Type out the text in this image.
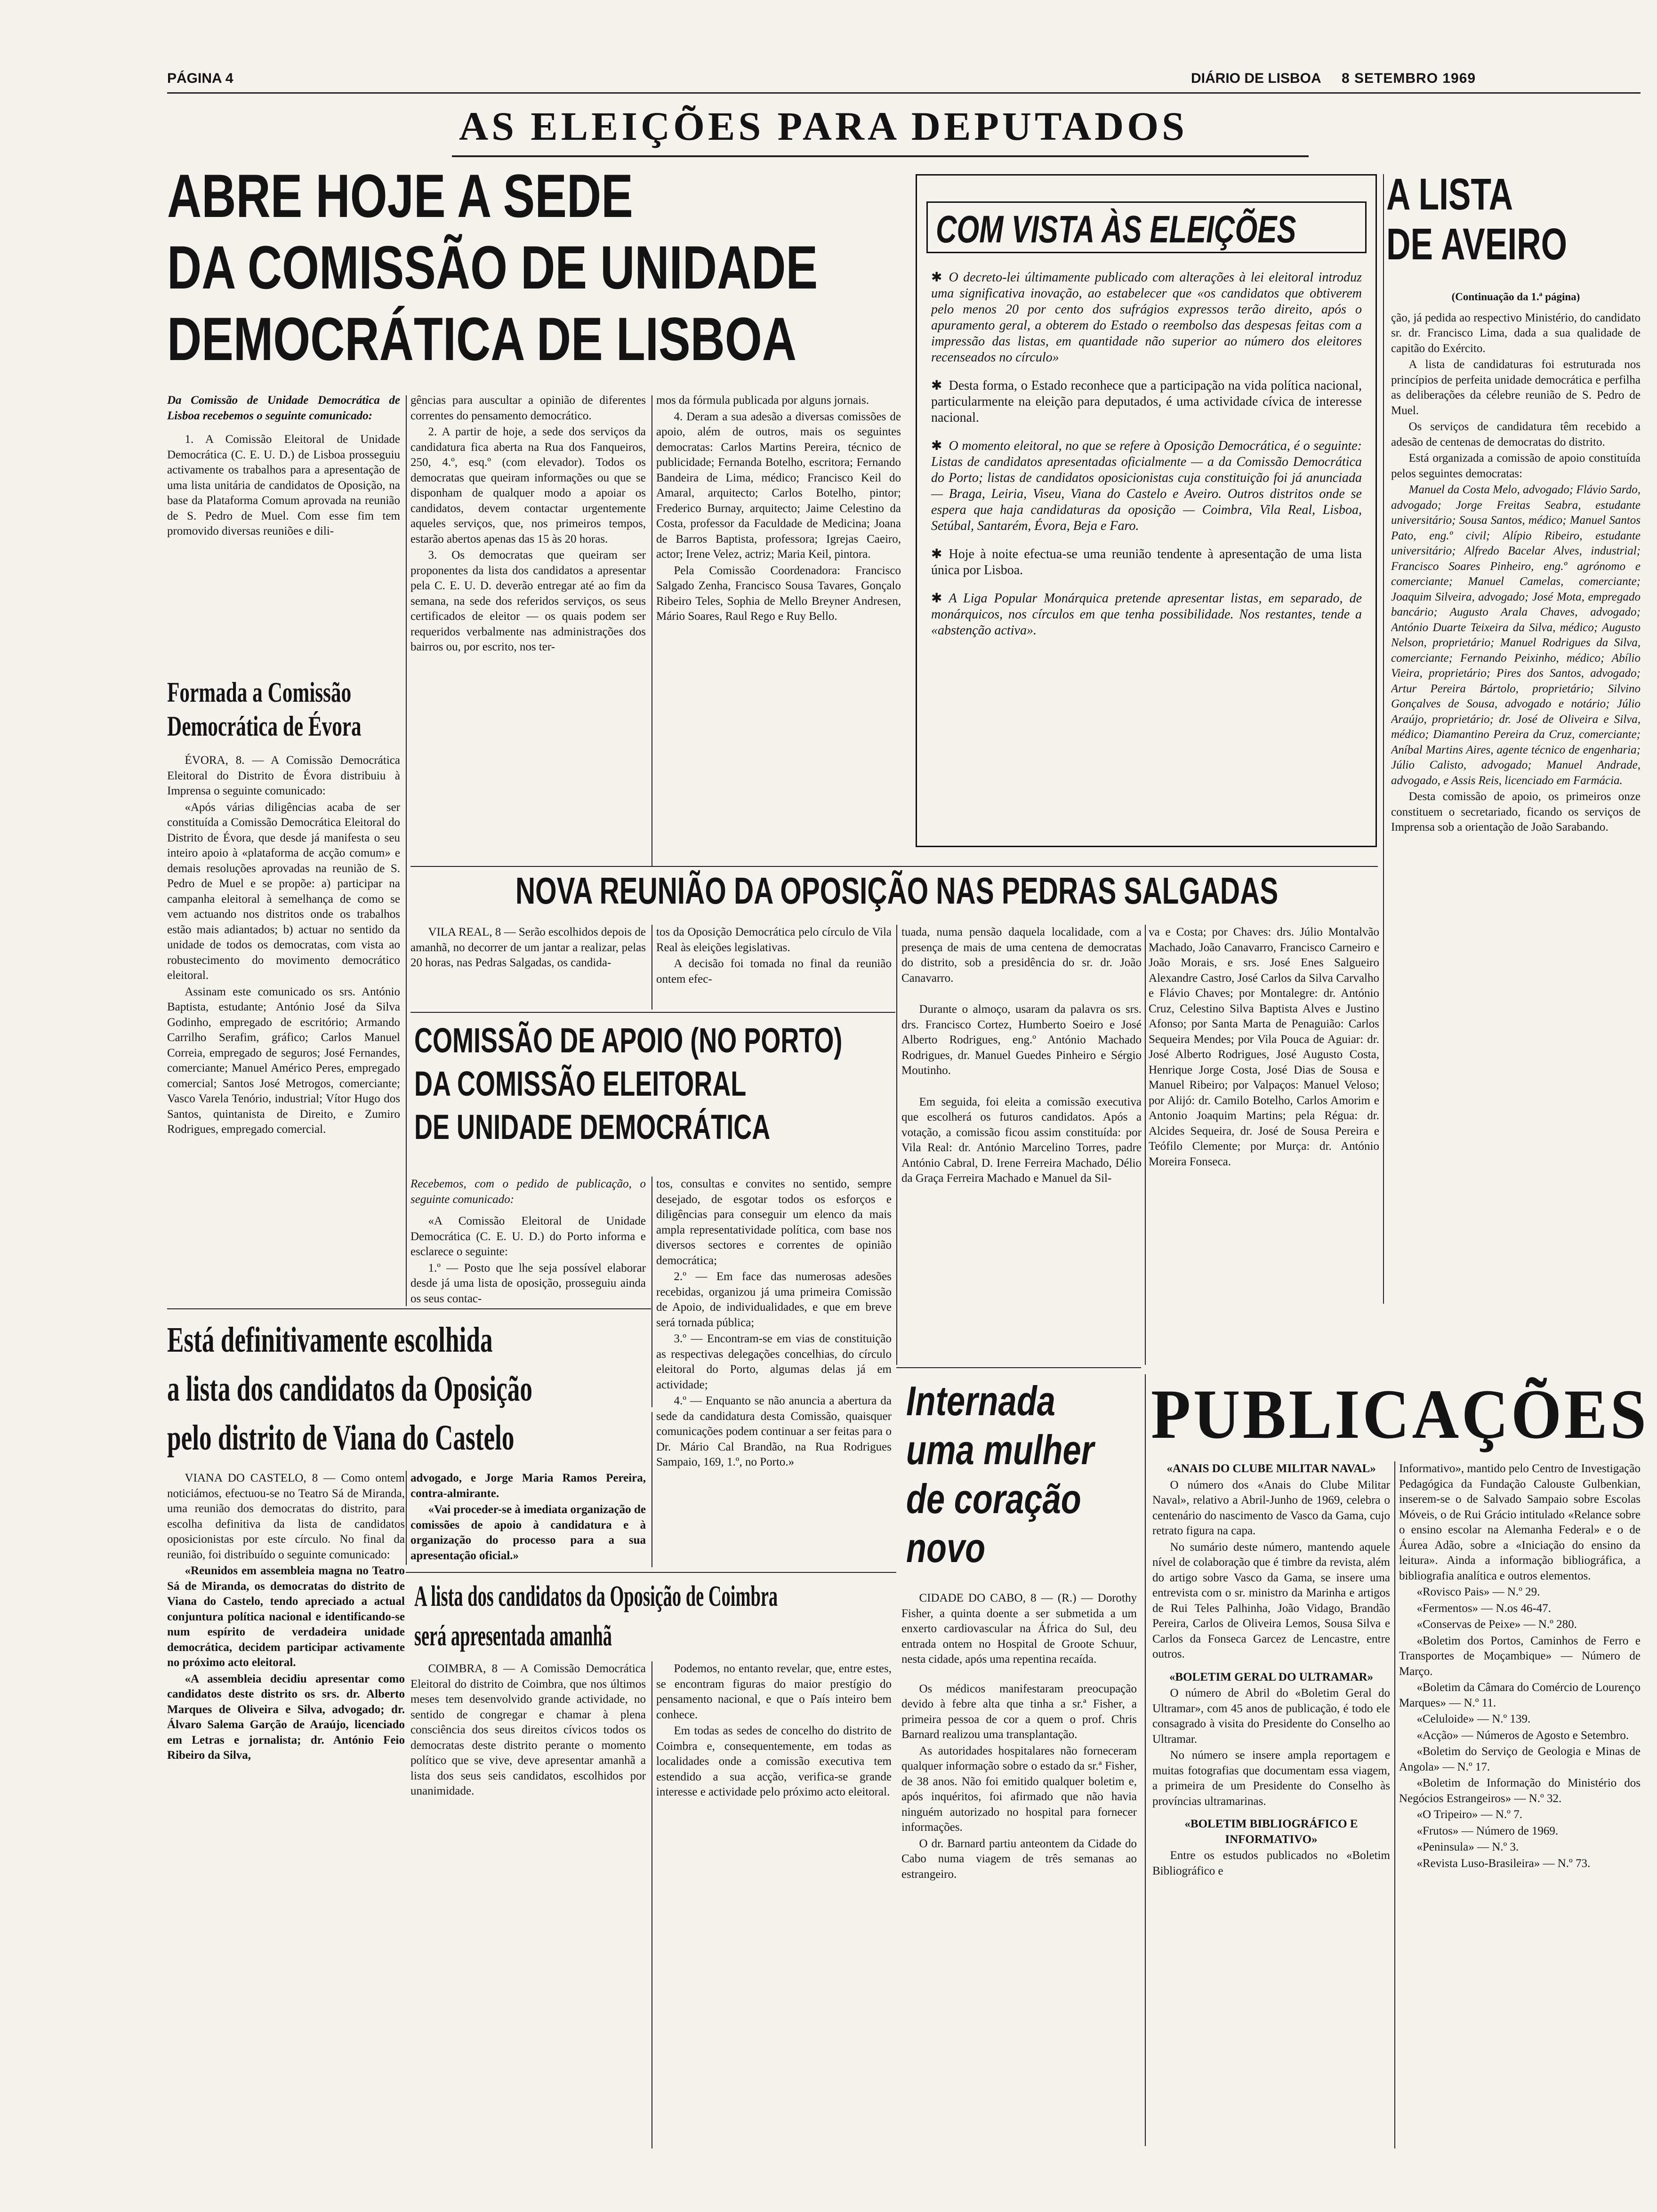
PÁGINA 4	DIÁRIO DE LISBOA 8 SETEMBRO 1969
AS ELEIÇÕES PARA DEPUTADOS
ABRE HOJE A SEDE
DA COMISSÃO DE UNIDADE
DEMOCRÁTICA DE LISBOA

Da Comissão de Unidade Democrática de Lisboa recebemos o seguinte comunicado:

1. A Comissão Eleitoral de Unidade Democrática (C. E. U. D.) de Lisboa prosseguiu activamente os trabalhos para a apresentação de uma lista unitária de candidatos de Oposição, na base da Plataforma Comum aprovada na reunião de S. Pedro de Muel. Com esse fim tem promovido diversas reuniões e dili-

gências para auscultar a opinião de diferentes correntes do pensamento democrático.

2. A partir de hoje, a sede dos serviços da candidatura fica aberta na Rua dos Fanqueiros, 250, 4.º, esq.º (com elevador). Todos os democratas que queiram informações ou que se disponham de qualquer modo a apoiar os candidatos, devem contactar urgentemente aqueles serviços, que, nos primeiros tempos, estarão abertos apenas das 15 às 20 horas.

3. Os democratas que queiram ser proponentes da lista dos candidatos a apresentar pela C. E. U. D. deverão entregar até ao fim da semana, na sede dos referidos serviços, os seus certificados de eleitor — os quais podem ser requeridos verbalmente nas administrações dos bairros ou, por escrito, nos ter-

mos da fórmula publicada por alguns jornais.

4. Deram a sua adesão a diversas comissões de apoio, além de outros, mais os seguintes democratas: Carlos Martins Pereira, técnico de publicidade; Fernanda Botelho, escritora; Fernando Bandeira de Lima, médico; Francisco Keil do Amaral, arquitecto; Carlos Botelho, pintor; Frederico Burnay, arquitecto; Jaime Celestino da Costa, professor da Faculdade de Medicina; Joana de Barros Baptista, professora; Igrejas Caeiro, actor; Irene Velez, actriz; Maria Keil, pintora.

Pela Comissão Coordenadora: Francisco Salgado Zenha, Francisco Sousa Tavares, Gonçalo Ribeiro Teles, Sophia de Mello Breyner Andresen, Mário Soares, Raul Rego e Ruy Bello.

Formada a Comissão
Democrática de Évora

ÉVORA, 8. — A Comissão Democrática Eleitoral do Distrito de Évora distribuiu à Imprensa o seguinte comunicado:

«Após várias diligências acaba de ser constituída a Comissão Democrática Eleitoral do Distrito de Évora, que desde já manifesta o seu inteiro apoio à «plataforma de acção comum» e demais resoluções aprovadas na reunião de S. Pedro de Muel e se propõe: a) participar na campanha eleitoral à semelhança de como se vem actuando nos distritos onde os trabalhos estão mais adiantados; b) actuar no sentido da unidade de todos os democratas, com vista ao robustecimento do movimento democrático eleitoral.

Assinam este comunicado os srs. António Baptista, estudante; António José da Silva Godinho, empregado de escritório; Armando Carrilho Serafim, gráfico; Carlos Manuel Correia, empregado de seguros; José Fernandes, comerciante; Manuel Américo Peres, empregado comercial; Santos José Metrogos, comerciante; Vasco Varela Tenório, industrial; Vítor Hugo dos Santos, quintanista de Direito, e Zumiro Rodrigues, empregado comercial.

COM VISTA ÀS ELEIÇÕES

✱ O decreto-lei últimamente publicado com alterações à lei eleitoral introduz uma significativa inovação, ao estabelecer que «os candidatos que obtiverem pelo menos 20 por cento dos sufrágios expressos terão direito, após o apuramento geral, a obterem do Estado o reembolso das despesas feitas com a impressão das listas, em quantidade não superior ao número dos eleitores recenseados no círculo»

✱ Desta forma, o Estado reconhece que a participação na vida política nacional, particularmente na eleição para deputados, é uma actividade cívica de interesse nacional.

✱ O momento eleitoral, no que se refere à Oposição Democrática, é o seguinte: Listas de candidatos apresentadas oficialmente — a da Comissão Democrática do Porto; listas de candidatos oposicionistas cuja constituição foi já anunciada — Braga, Leiria, Viseu, Viana do Castelo e Aveiro. Outros distritos onde se espera que haja candidaturas da oposição — Coimbra, Vila Real, Lisboa, Setúbal, Santarém, Évora, Beja e Faro.

✱ Hoje à noite efectua-se uma reunião tendente à apresentação de uma lista única por Lisboa.

✱ A Liga Popular Monárquica pretende apresentar listas, em separado, de monárquicos, nos círculos em que tenha possibilidade. Nos restantes, tende a «abstenção activa».

A LISTA
DE AVEIRO

(Continuação da 1.ª página)

ção, já pedida ao respectivo Ministério, do candidato sr. dr. Francisco Lima, dada a sua qualidade de capitão do Exército.

A lista de candidaturas foi estruturada nos princípios de perfeita unidade democrática e perfilha as deliberações da célebre reunião de S. Pedro de Muel.

Os serviços de candidatura têm recebido a adesão de centenas de democratas do distrito.

Está organizada a comissão de apoio constituída pelos seguintes democratas:

Manuel da Costa Melo, advogado; Flávio Sardo, advogado; Jorge Freitas Seabra, estudante universitário; Sousa Santos, médico; Manuel Santos Pato, eng.º civil; Alípio Ribeiro, estudante universitário; Alfredo Bacelar Alves, industrial; Francisco Soares Pinheiro, eng.º agrónomo e comerciante; Manuel Camelas, comerciante; Joaquim Silveira, advogado; José Mota, empregado bancário; Augusto Arala Chaves, advogado; António Duarte Teixeira da Silva, médico; Augusto Nelson, proprietário; Manuel Rodrigues da Silva, comerciante; Fernando Peixinho, médico; Abílio Vieira, proprietário; Pires dos Santos, advogado; Artur Pereira Bártolo, proprietário; Silvino Gonçalves de Sousa, advogado e notário; Júlio Araújo, proprietário; dr. José de Oliveira e Silva, médico; Diamantino Pereira da Cruz, comerciante; Aníbal Martins Aires, agente técnico de engenharia; Júlio Calisto, advogado; Manuel Andrade, advogado, e Assis Reis, licenciado em Farmácia.

Desta comissão de apoio, os primeiros onze constituem o secretariado, ficando os serviços de Imprensa sob a orientação de João Sarabando.

NOVA REUNIÃO DA OPOSIÇÃO NAS PEDRAS SALGADAS

VILA REAL, 8 — Serão escolhidos depois de amanhã, no decorrer de um jantar a realizar, pelas 20 horas, nas Pedras Salgadas, os candida-

tos da Oposição Democrática pelo círculo de Vila Real às eleições legislativas.

A decisão foi tomada no final da reunião ontem efec-

tuada, numa pensão daquela localidade, com a presença de mais de uma centena de democratas do distrito, sob a presidência do sr. dr. João Canavarro.

Durante o almoço, usaram da palavra os srs. drs. Francisco Cortez, Humberto Soeiro e José Alberto Rodrigues, eng.º António Machado Rodrigues, dr. Manuel Guedes Pinheiro e Sérgio Moutinho.

Em seguida, foi eleita a comissão executiva que escolherá os futuros candidatos. Após a votação, a comissão ficou assim constituída: por Vila Real: dr. António Marcelino Torres, padre António Cabral, D. Irene Ferreira Machado, Délio da Graça Ferreira Machado e Manuel da Sil-

va e Costa; por Chaves: drs. Júlio Montalvão Machado, João Canavarro, Francisco Carneiro e João Morais, e srs. José Enes Salgueiro Alexandre Castro, José Carlos da Silva Carvalho e Flávio Chaves; por Montalegre: dr. António Cruz, Celestino Silva Baptista Alves e Justino Afonso; por Santa Marta de Penaguião: Carlos Sequeira Mendes; por Vila Pouca de Aguiar: dr. José Alberto Rodrigues, José Augusto Costa, Henrique Jorge Costa, José Dias de Sousa e Manuel Ribeiro; por Valpaços: Manuel Veloso; por Alijó: dr. Camilo Botelho, Carlos Amorim e Antonio Joaquim Martins; pela Régua: dr. Alcides Sequeira, dr. José de Sousa Pereira e Teófilo Clemente; por Murça: dr. António Moreira Fonseca.

COMISSÃO DE APOIO (NO PORTO)
DA COMISSÃO ELEITORAL
DE UNIDADE DEMOCRÁTICA

Recebemos, com o pedido de publicação, o seguinte comunicado:

«A Comissão Eleitoral de Unidade Democrática (C. E. U. D.) do Porto informa e esclarece o seguinte:

1.º — Posto que lhe seja possível elaborar desde já uma lista de oposição, prosseguiu ainda os seus contac-

tos, consultas e convites no sentido, sempre desejado, de esgotar todos os esforços e diligências para conseguir um elenco da mais ampla representatividade política, com base nos diversos sectores e correntes de opinião democrática;

2.º — Em face das numerosas adesões recebidas, organizou já uma primeira Comissão de Apoio, de individualidades, e que em breve será tornada pública;

3.º — Encontram-se em vias de constituição as respectivas delegações concelhias, do círculo eleitoral do Porto, algumas delas já em actividade;

4.º — Enquanto se não anuncia a abertura da sede da candidatura desta Comissão, quaisquer comunicações podem continuar a ser feitas para o Dr. Mário Cal Brandão, na Rua Rodrigues Sampaio, 169, 1.º, no Porto.»

Internada
uma mulher
de coração
novo

CIDADE DO CABO, 8 — (R.) — Dorothy Fisher, a quinta doente a ser submetida a um enxerto cardiovascular na África do Sul, deu entrada ontem no Hospital de Groote Schuur, nesta cidade, após uma repentina recaída.

Os médicos manifestaram preocupação devido à febre alta que tinha a sr.ª Fisher, a primeira pessoa de cor a quem o prof. Chris Barnard realizou uma transplantação.

As autoridades hospitalares não forneceram qualquer informação sobre o estado da sr.ª Fisher, de 38 anos. Não foi emitido qualquer boletim e, após inquéritos, foi afirmado que não havia ninguém autorizado no hospital para fornecer informações.

O dr. Barnard partiu anteontem da Cidade do Cabo numa viagem de três semanas ao estrangeiro.

PUBLICAÇÕES

«ANAIS DO CLUBE MILITAR NAVAL»

O número dos «Anais do Clube Militar Naval», relativo a Abril-Junho de 1969, celebra o centenário do nascimento de Vasco da Gama, cujo retrato figura na capa.

No sumário deste número, mantendo aquele nível de colaboração que é timbre da revista, além do artigo sobre Vasco da Gama, se insere uma entrevista com o sr. ministro da Marinha e artigos de Rui Teles Palhinha, João Vidago, Brandão Pereira, Carlos de Oliveira Lemos, Sousa Silva e Carlos da Fonseca Garcez de Lencastre, entre outros.

«BOLETIM GERAL DO ULTRAMAR»

O número de Abril do «Boletim Geral do Ultramar», com 45 anos de publicação, é todo ele consagrado à visita do Presidente do Conselho ao Ultramar.

No número se insere ampla reportagem e muitas fotografias que documentam essa viagem, a primeira de um Presidente do Conselho às províncias ultramarinas.

«BOLETIM BIBLIOGRÁFICO E INFORMATIVO»

Entre os estudos publicados no «Boletim Bibliográfico e

Informativo», mantido pelo Centro de Investigação Pedagógica da Fundação Calouste Gulbenkian, inserem-se o de Salvado Sampaio sobre Escolas Móveis, o de Rui Grácio intitulado «Relance sobre o ensino escolar na Alemanha Federal» e o de Áurea Adão, sobre a «Iniciação do ensino da leitura». Ainda a informação bibliográfica, a bibliografia analítica e outros elementos.

«Rovisco Pais» — N.º 29.

«Fermentos» — N.os 46-47.

«Conservas de Peixe» — N.º 280.

«Boletim dos Portos, Caminhos de Ferro e Transportes de Moçambique» — Número de Março.

«Boletim da Câmara do Comércio de Lourenço Marques» — N.º 11.

«Celuloide» — N.º 139.

«Acção» — Números de Agosto e Setembro.

«Boletim do Serviço de Geologia e Minas de Angola» — N.º 17.

«Boletim de Informação do Ministério dos Negócios Estrangeiros» — N.º 32.

«O Tripeiro» — N.º 7.

«Frutos» — Número de 1969.

«Peninsula» — N.º 3.

«Revista Luso-Brasileira» — N.º 73.

Está definitivamente escolhida
a lista dos candidatos da Oposição
pelo distrito de Viana do Castelo

VIANA DO CASTELO, 8 — Como ontem noticiámos, efectuou-se no Teatro Sá de Miranda, uma reunião dos democratas do distrito, para escolha definitiva da lista de candidatos oposicionistas por este círculo. No final da reunião, foi distribuído o seguinte comunicado:

«Reunidos em assembleia magna no Teatro Sá de Miranda, os democratas do distrito de Viana do Castelo, tendo apreciado a actual conjuntura política nacional e identificando-se num espírito de verdadeira unidade democrática, decidem participar activamente no próximo acto eleitoral.

«A assembleia decidiu apresentar como candidatos deste distrito os srs. dr. Alberto Marques de Oliveira e Silva, advogado; dr. Álvaro Salema Garção de Araújo, licenciado em Letras e jornalista; dr. António Feio Ribeiro da Silva,

advogado, e Jorge Maria Ramos Pereira, contra-almirante.

«Vai proceder-se à imediata organização de comissões de apoio à candidatura e à organização do processo para a sua apresentação oficial.»

A lista dos candidatos da Oposição de Coimbra
será apresentada amanhã

COIMBRA, 8 — A Comissão Democrática Eleitoral do distrito de Coimbra, que nos últimos meses tem desenvolvido grande actividade, no sentido de congregar e chamar à plena consciência dos seus direitos cívicos todos os democratas deste distrito perante o momento político que se vive, deve apresentar amanhã a lista dos seus seis candidatos, escolhidos por unanimidade.

Podemos, no entanto revelar, que, entre estes, se encontram figuras do maior prestígio do pensamento nacional, e que o País inteiro bem conhece.

Em todas as sedes de concelho do distrito de Coimbra e, consequentemente, em todas as localidades onde a comissão executiva tem estendido a sua acção, verifica-se grande interesse e actividade pelo próximo acto eleitoral.
